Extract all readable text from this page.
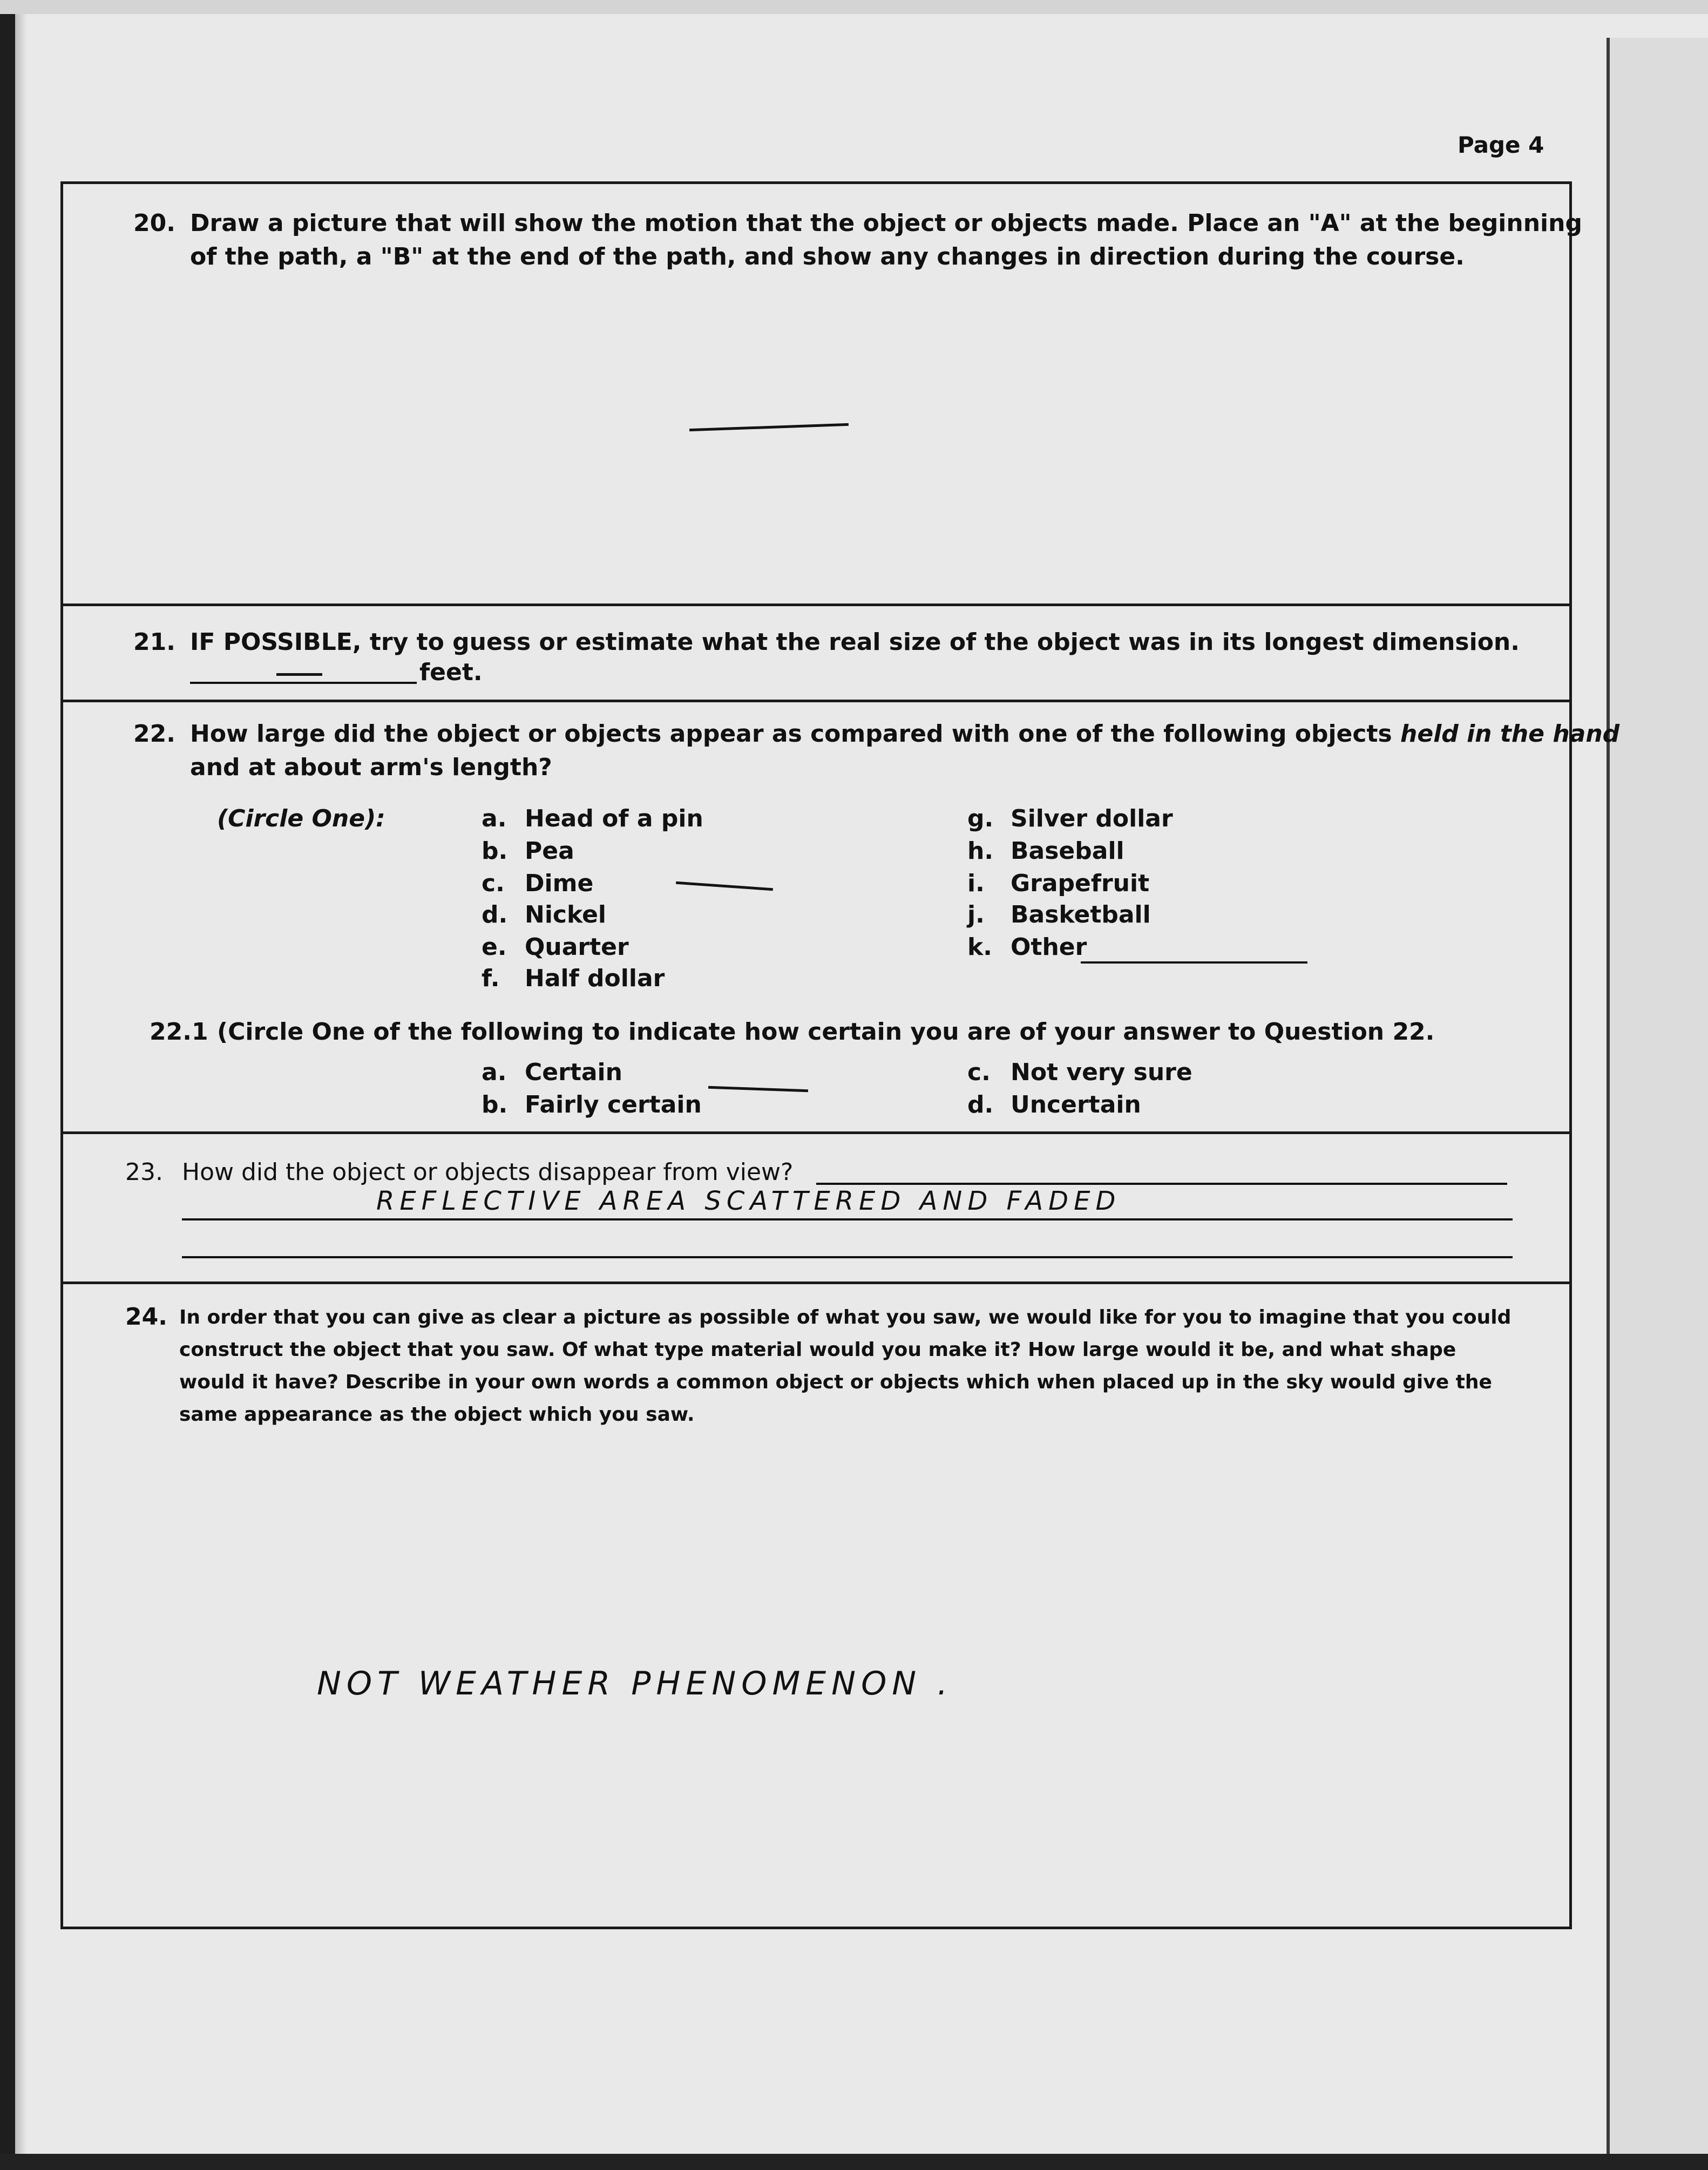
Page 4
20. Draw a picture that will show the motion that the object or objects made. Place an "A" at the beginning
of the path, a "B" at the end of the path, and show any changes in direction during the course.
21. IF POSSIBLE, try to guess or estimate what the real size of the object was in its longest dimension.
feet.
22. How large did the object or objects appear as compared with one of the following objects held in the hand
and at about arm's length?
(Circle One):	a. Head of a pin
b. Pea
c. Dime
d. Nickel
e. Quarter
f. Half dollar
g. Silver dollar
h. Baseball
i. Grapefruit
j. Basketball
k. Other
22.1 (Circle One of the following to indicate how certain you are of your answer to Question 22.
a. Certain
b. Fairly certain
c. Not very sure
d. Uncertain
23. How did the object or objects disappear from view?
REFLECTIVE AREA SCATTERED AND FADED
24. In order that you can give as clear a picture as possible of what you saw, we would like for you to imagine that you could
construct the object that you saw. Of what type material would you make it? How large would it be, and what shape
would it have? Describe in your own words a common object or objects which when placed up in the sky would give the
same appearance as the object which you saw.
NOT WEATHER PHENOMENON .
